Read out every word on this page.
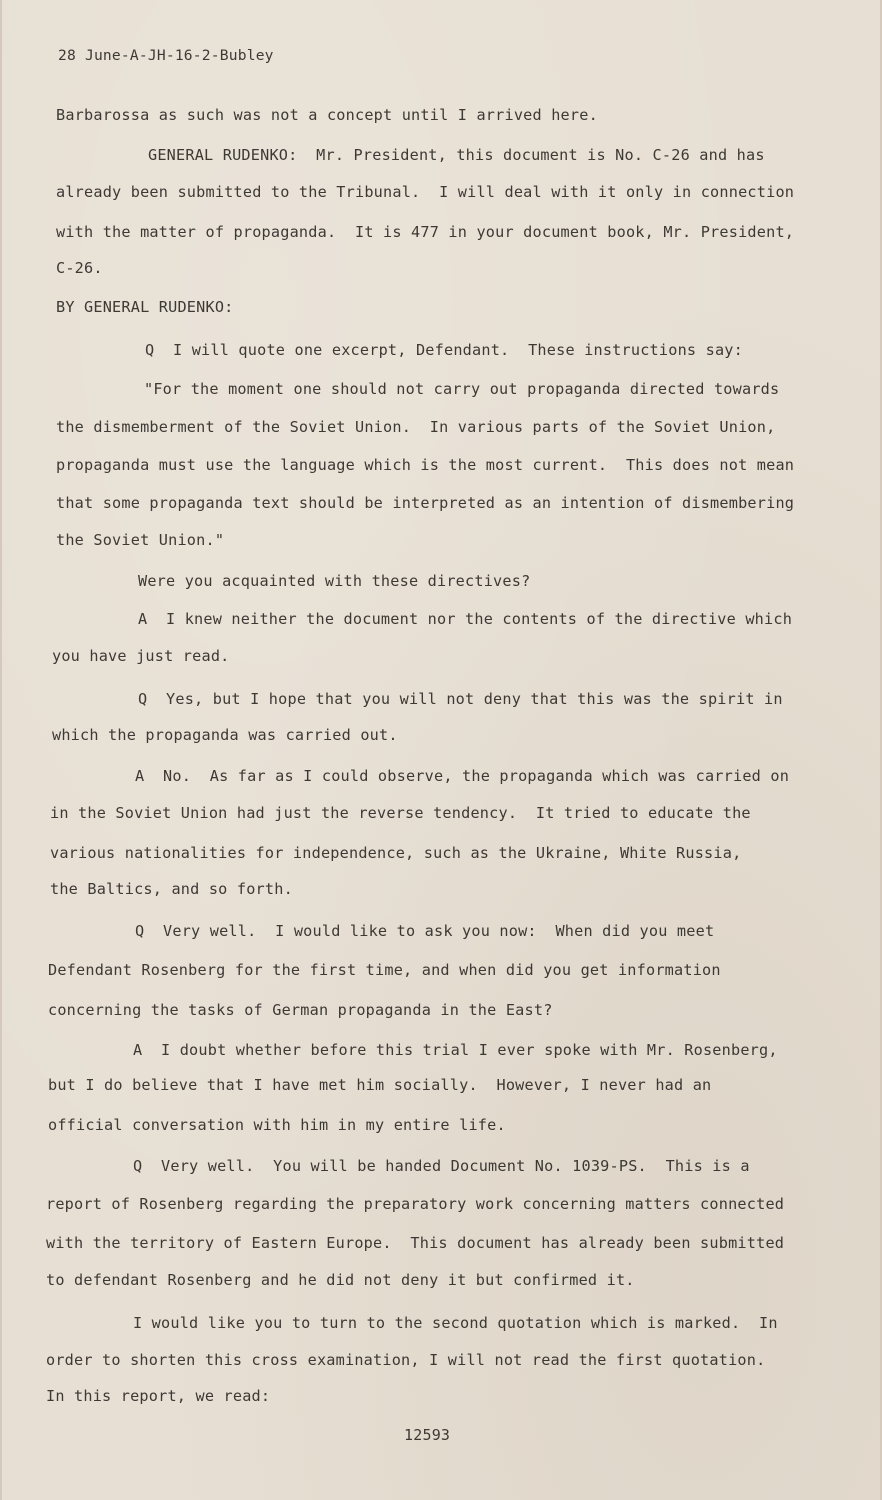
28 June-A-JH-16-2-Bubley
Barbarossa as such was not a concept until I arrived here.
GENERAL RUDENKO:  Mr. President, this document is No. C-26 and has
already been submitted to the Tribunal.  I will deal with it only in connection
with the matter of propaganda.  It is 477 in your document book, Mr. President,
C-26.
BY GENERAL RUDENKO:
Q  I will quote one excerpt, Defendant.  These instructions say:
"For the moment one should not carry out propaganda directed towards
the dismemberment of the Soviet Union.  In various parts of the Soviet Union,
propaganda must use the language which is the most current.  This does not mean
that some propaganda text should be interpreted as an intention of dismembering
the Soviet Union."
Were you acquainted with these directives?
A  I knew neither the document nor the contents of the directive which
you have just read.
Q  Yes, but I hope that you will not deny that this was the spirit in
which the propaganda was carried out.
A  No.  As far as I could observe, the propaganda which was carried on
in the Soviet Union had just the reverse tendency.  It tried to educate the
various nationalities for independence, such as the Ukraine, White Russia,
the Baltics, and so forth.
Q  Very well.  I would like to ask you now:  When did you meet
Defendant Rosenberg for the first time, and when did you get information
concerning the tasks of German propaganda in the East?
A  I doubt whether before this trial I ever spoke with Mr. Rosenberg,
but I do believe that I have met him socially.  However, I never had an
official conversation with him in my entire life.
Q  Very well.  You will be handed Document No. 1039-PS.  This is a
report of Rosenberg regarding the preparatory work concerning matters connected
with the territory of Eastern Europe.  This document has already been submitted
to defendant Rosenberg and he did not deny it but confirmed it.
I would like you to turn to the second quotation which is marked.  In
order to shorten this cross examination, I will not read the first quotation.
In this report, we read:
12593
